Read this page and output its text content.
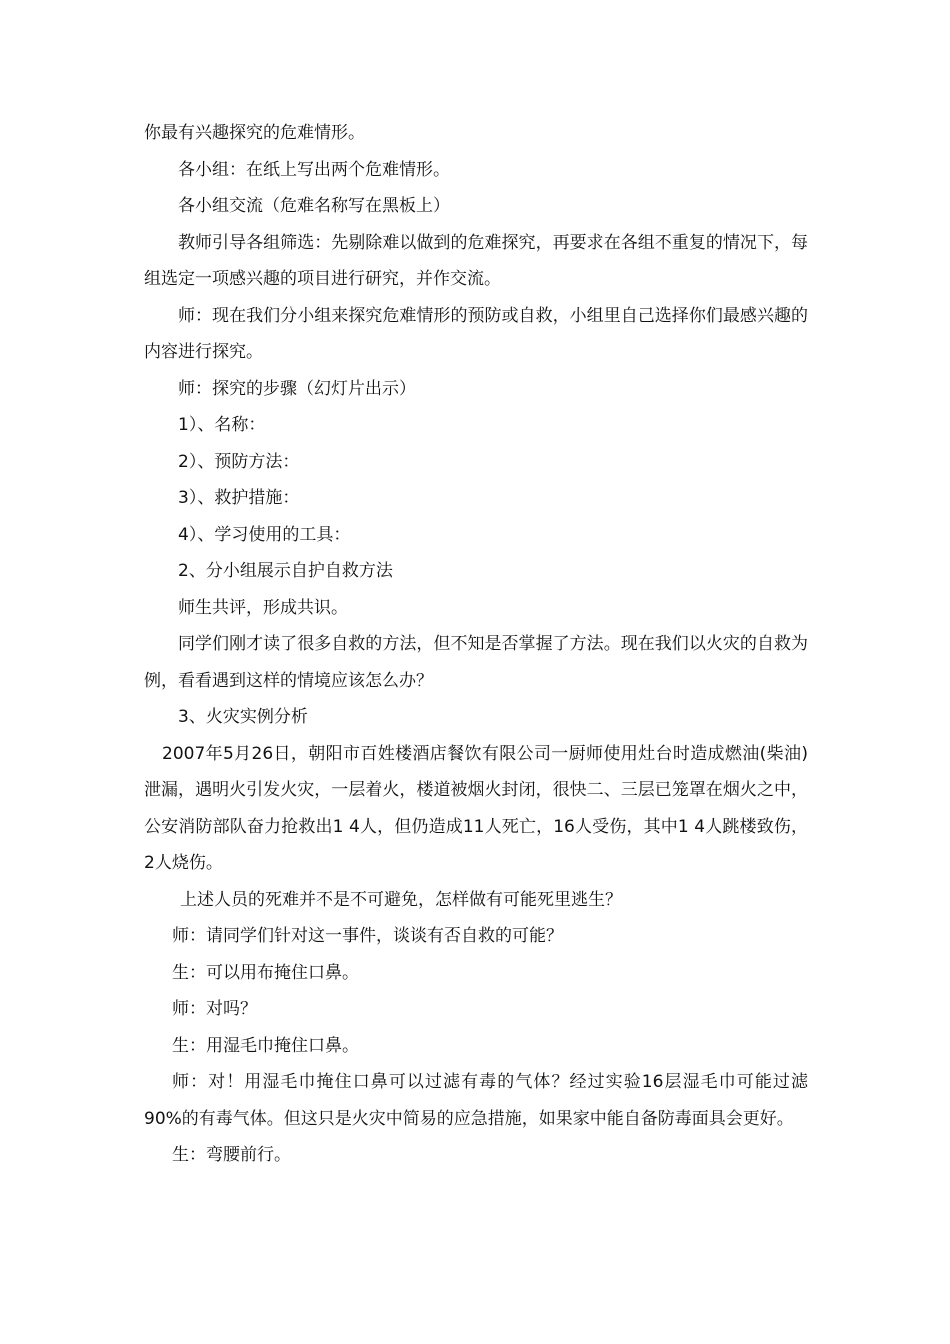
你最有兴趣探究的危难情形。

各小组：在纸上写出两个危难情形。

各小组交流（危难名称写在黑板上）

教师引导各组筛选：先剔除难以做到的危难探究，再要求在各组不重复的情况下，每组选定一项感兴趣的项目进行研究，并作交流。

师：现在我们分小组来探究危难情形的预防或自救，小组里自己选择你们最感兴趣的内容进行探究。

师：探究的步骤（幻灯片出示）

1）、名称：

2）、预防方法：

3）、救护措施：

4）、学习使用的工具：

2、分小组展示自护自救方法

师生共评，形成共识。

同学们刚才读了很多自救的方法，但不知是否掌握了方法。现在我们以火灾的自救为例，看看遇到这样的情境应该怎么办？

3、火灾实例分析

2007年5月26日，朝阳市百姓楼酒店餐饮有限公司一厨师使用灶台时造成燃油(柴油)泄漏，遇明火引发火灾，一层着火，楼道被烟火封闭，很快二、三层已笼罩在烟火之中，公安消防部队奋力抢救出1 4人，但仍造成11人死亡，16人受伤，其中1 4人跳楼致伤，2人烧伤。

上述人员的死难并不是不可避免，怎样做有可能死里逃生？

师：请同学们针对这一事件，谈谈有否自救的可能？

生：可以用布掩住口鼻。

师：对吗？

生：用湿毛巾掩住口鼻。

师：对！用湿毛巾掩住口鼻可以过滤有毒的气体？经过实验16层湿毛巾可能过滤90%的有毒气体。但这只是火灾中简易的应急措施，如果家中能自备防毒面具会更好。

生：弯腰前行。
